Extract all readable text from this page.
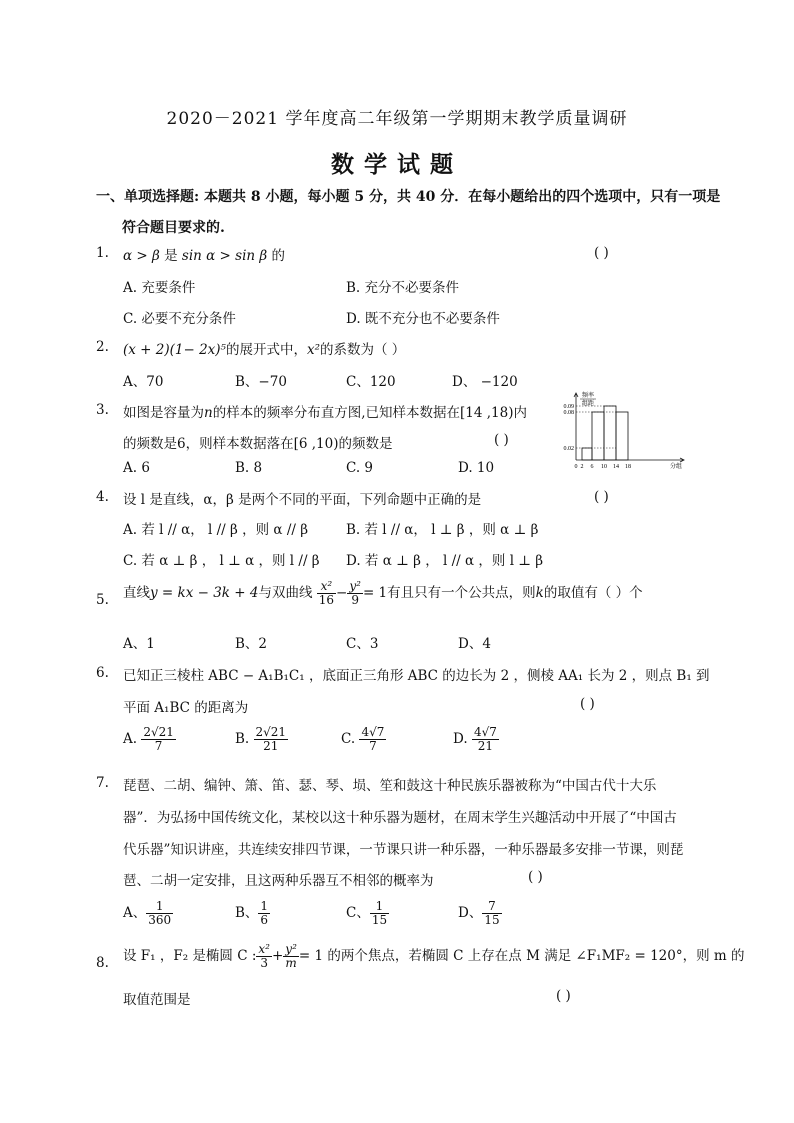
2020－2021 学年度高二年级第一学期期末教学质量调研
数学试题
一、单项选择题: 本题共 8 小题，每小题 5 分，共 40 分．在每小题给出的四个选项中，只有一项是
符合题目要求的.
1. α > β 是 sin α > sin β 的	( )
A. 充要条件	B. 充分不必要条件
C. 必要不充分条件	D. 既不充分也不必要条件
2. (x + 2)(1− 2x)⁵的展开式中，x²的系数为（ ）
A、70	B、−70	C、120	D、 −120
3. 如图是容量为n的样本的频率分布直方图,已知样本数据在[14 ,18)内
的频数是6，则样本数据落在[6 ,10)的频数是	( )
A. 6	B. 8	C. 9	D. 10
0.09
0.08
0.02
0 2 6 10 14 18
频率
组距
分组
4. 设 l 是直线，α，β 是两个不同的平面，下列命题中正确的是	( )
A. 若 l // α， l // β ，则 α // β	B. 若 l // α， l ⊥ β ，则 α ⊥ β
C. 若 α ⊥ β ， l ⊥ α ，则 l // β D. 若 α ⊥ β ， l // α ，则 l ⊥ β
5. 直线y = kx − 3k + 4与双曲线 $\frac{\text{x²}}{16} - \frac{\text{y²}}{9} = 1$有且只有一个公共点，则k的取值有（ ）个
A、1	B、2	C、3	D、4
6. 已知正三棱柱 ABC − A₁B₁C₁ ，底面正三角形 ABC 的边长为 2 ，侧棱 AA₁ 长为 2 ，则点 B₁ 到
平面 A₁BC 的距离为	( )
A. $\frac{2√21}{7}$	B. $\frac{2√21}{21}$	C. $\frac{4√7}{7}$	D. $\frac{4√7}{21}$
7. 琵琶、二胡、编钟、箫、笛、瑟、琴、埙、笙和鼓这十种民族乐器被称为“中国古代十大乐
器”．为弘扬中国传统文化，某校以这十种乐器为题材，在周末学生兴趣活动中开展了“中国古
代乐器”知识讲座，共连续安排四节课，一节课只讲一种乐器，一种乐器最多安排一节课，则琵
琶、二胡一定安排，且这两种乐器互不相邻的概率为	( )
A、 $\frac{1}{360}$	B、 $\frac{1}{6}$	C、 $\frac{1}{15}$	D、 $\frac{7}{15}$
8. 设 F₁ ，F₂ 是椭圆 C : $\frac{\text{x²}}{3} + \frac{\text{y²}}{m} = 1$ 的两个焦点，若椭圆 C 上存在点 M 满足 ∠F₁MF₂ = 120°，则 m 的
取值范围是	( )
